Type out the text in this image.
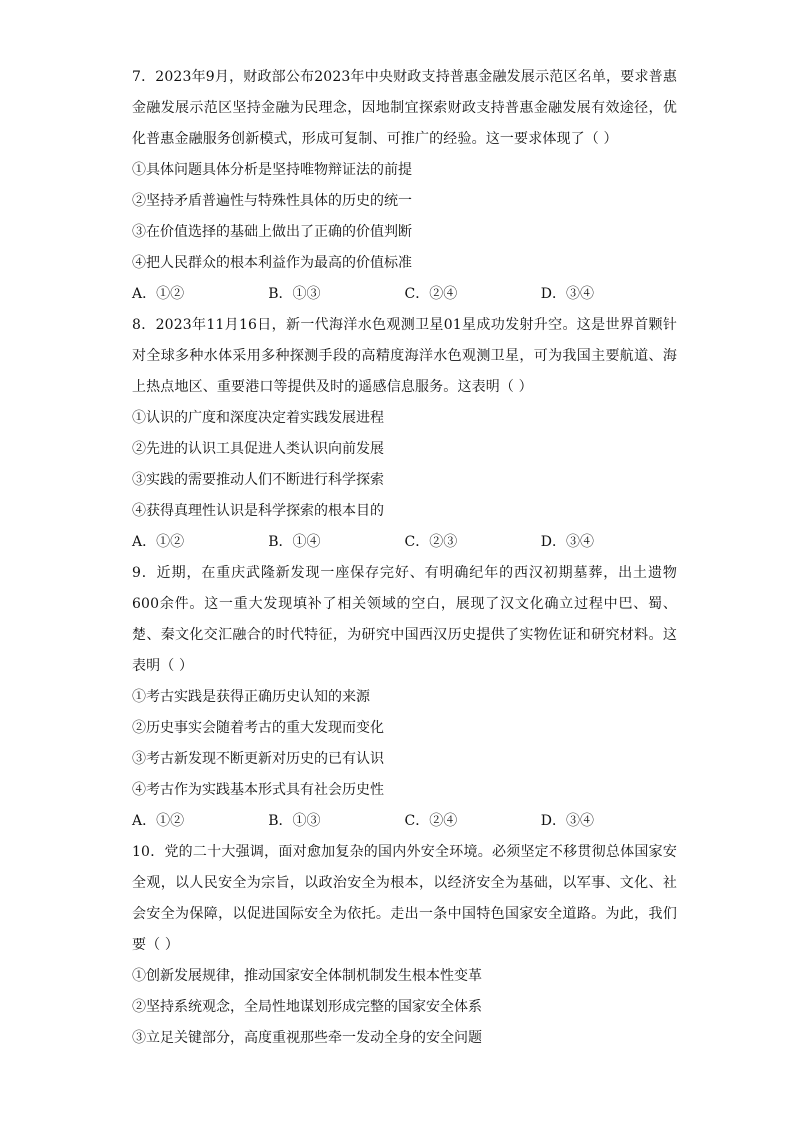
7．2023年9月，财政部公布2023年中央财政支持普惠金融发展示范区名单，要求普惠金融发展示范区坚持金融为民理念，因地制宜探索财政支持普惠金融发展有效途径，优化普惠金融服务创新模式，形成可复制、可推广的经验。这一要求体现了（ ）

①具体问题具体分析是坚持唯物辩证法的前提

②坚持矛盾普遍性与特殊性具体的历史的统一

③在价值选择的基础上做出了正确的价值判断

④把人民群众的根本利益作为最高的价值标准

A．①②	B．①③	C．②④	D．③④

8．2023年11月16日，新一代海洋水色观测卫星01星成功发射升空。这是世界首颗针对全球多种水体采用多种探测手段的高精度海洋水色观测卫星，可为我国主要航道、海上热点地区、重要港口等提供及时的遥感信息服务。这表明（ ）

①认识的广度和深度决定着实践发展进程

②先进的认识工具促进人类认识向前发展

③实践的需要推动人们不断进行科学探索

④获得真理性认识是科学探索的根本目的

A．①②	B．①④	C．②③	D．③④

9．近期，在重庆武隆新发现一座保存完好、有明确纪年的西汉初期墓葬，出土遗物600余件。这一重大发现填补了相关领域的空白，展现了汉文化确立过程中巴、蜀、楚、秦文化交汇融合的时代特征，为研究中国西汉历史提供了实物佐证和研究材料。这表明（ ）

①考古实践是获得正确历史认知的来源

②历史事实会随着考古的重大发现而变化

③考古新发现不断更新对历史的已有认识

④考古作为实践基本形式具有社会历史性

A．①②	B．①③	C．②④	D．③④

10．党的二十大强调，面对愈加复杂的国内外安全环境。必须坚定不移贯彻总体国家安全观，以人民安全为宗旨，以政治安全为根本，以经济安全为基础，以军事、文化、社会安全为保障，以促进国际安全为依托。走出一条中国特色国家安全道路。为此，我们要（ ）

①创新发展规律，推动国家安全体制机制发生根本性变革

②坚持系统观念，全局性地谋划形成完整的国家安全体系

③立足关键部分，高度重视那些牵一发动全身的安全问题
